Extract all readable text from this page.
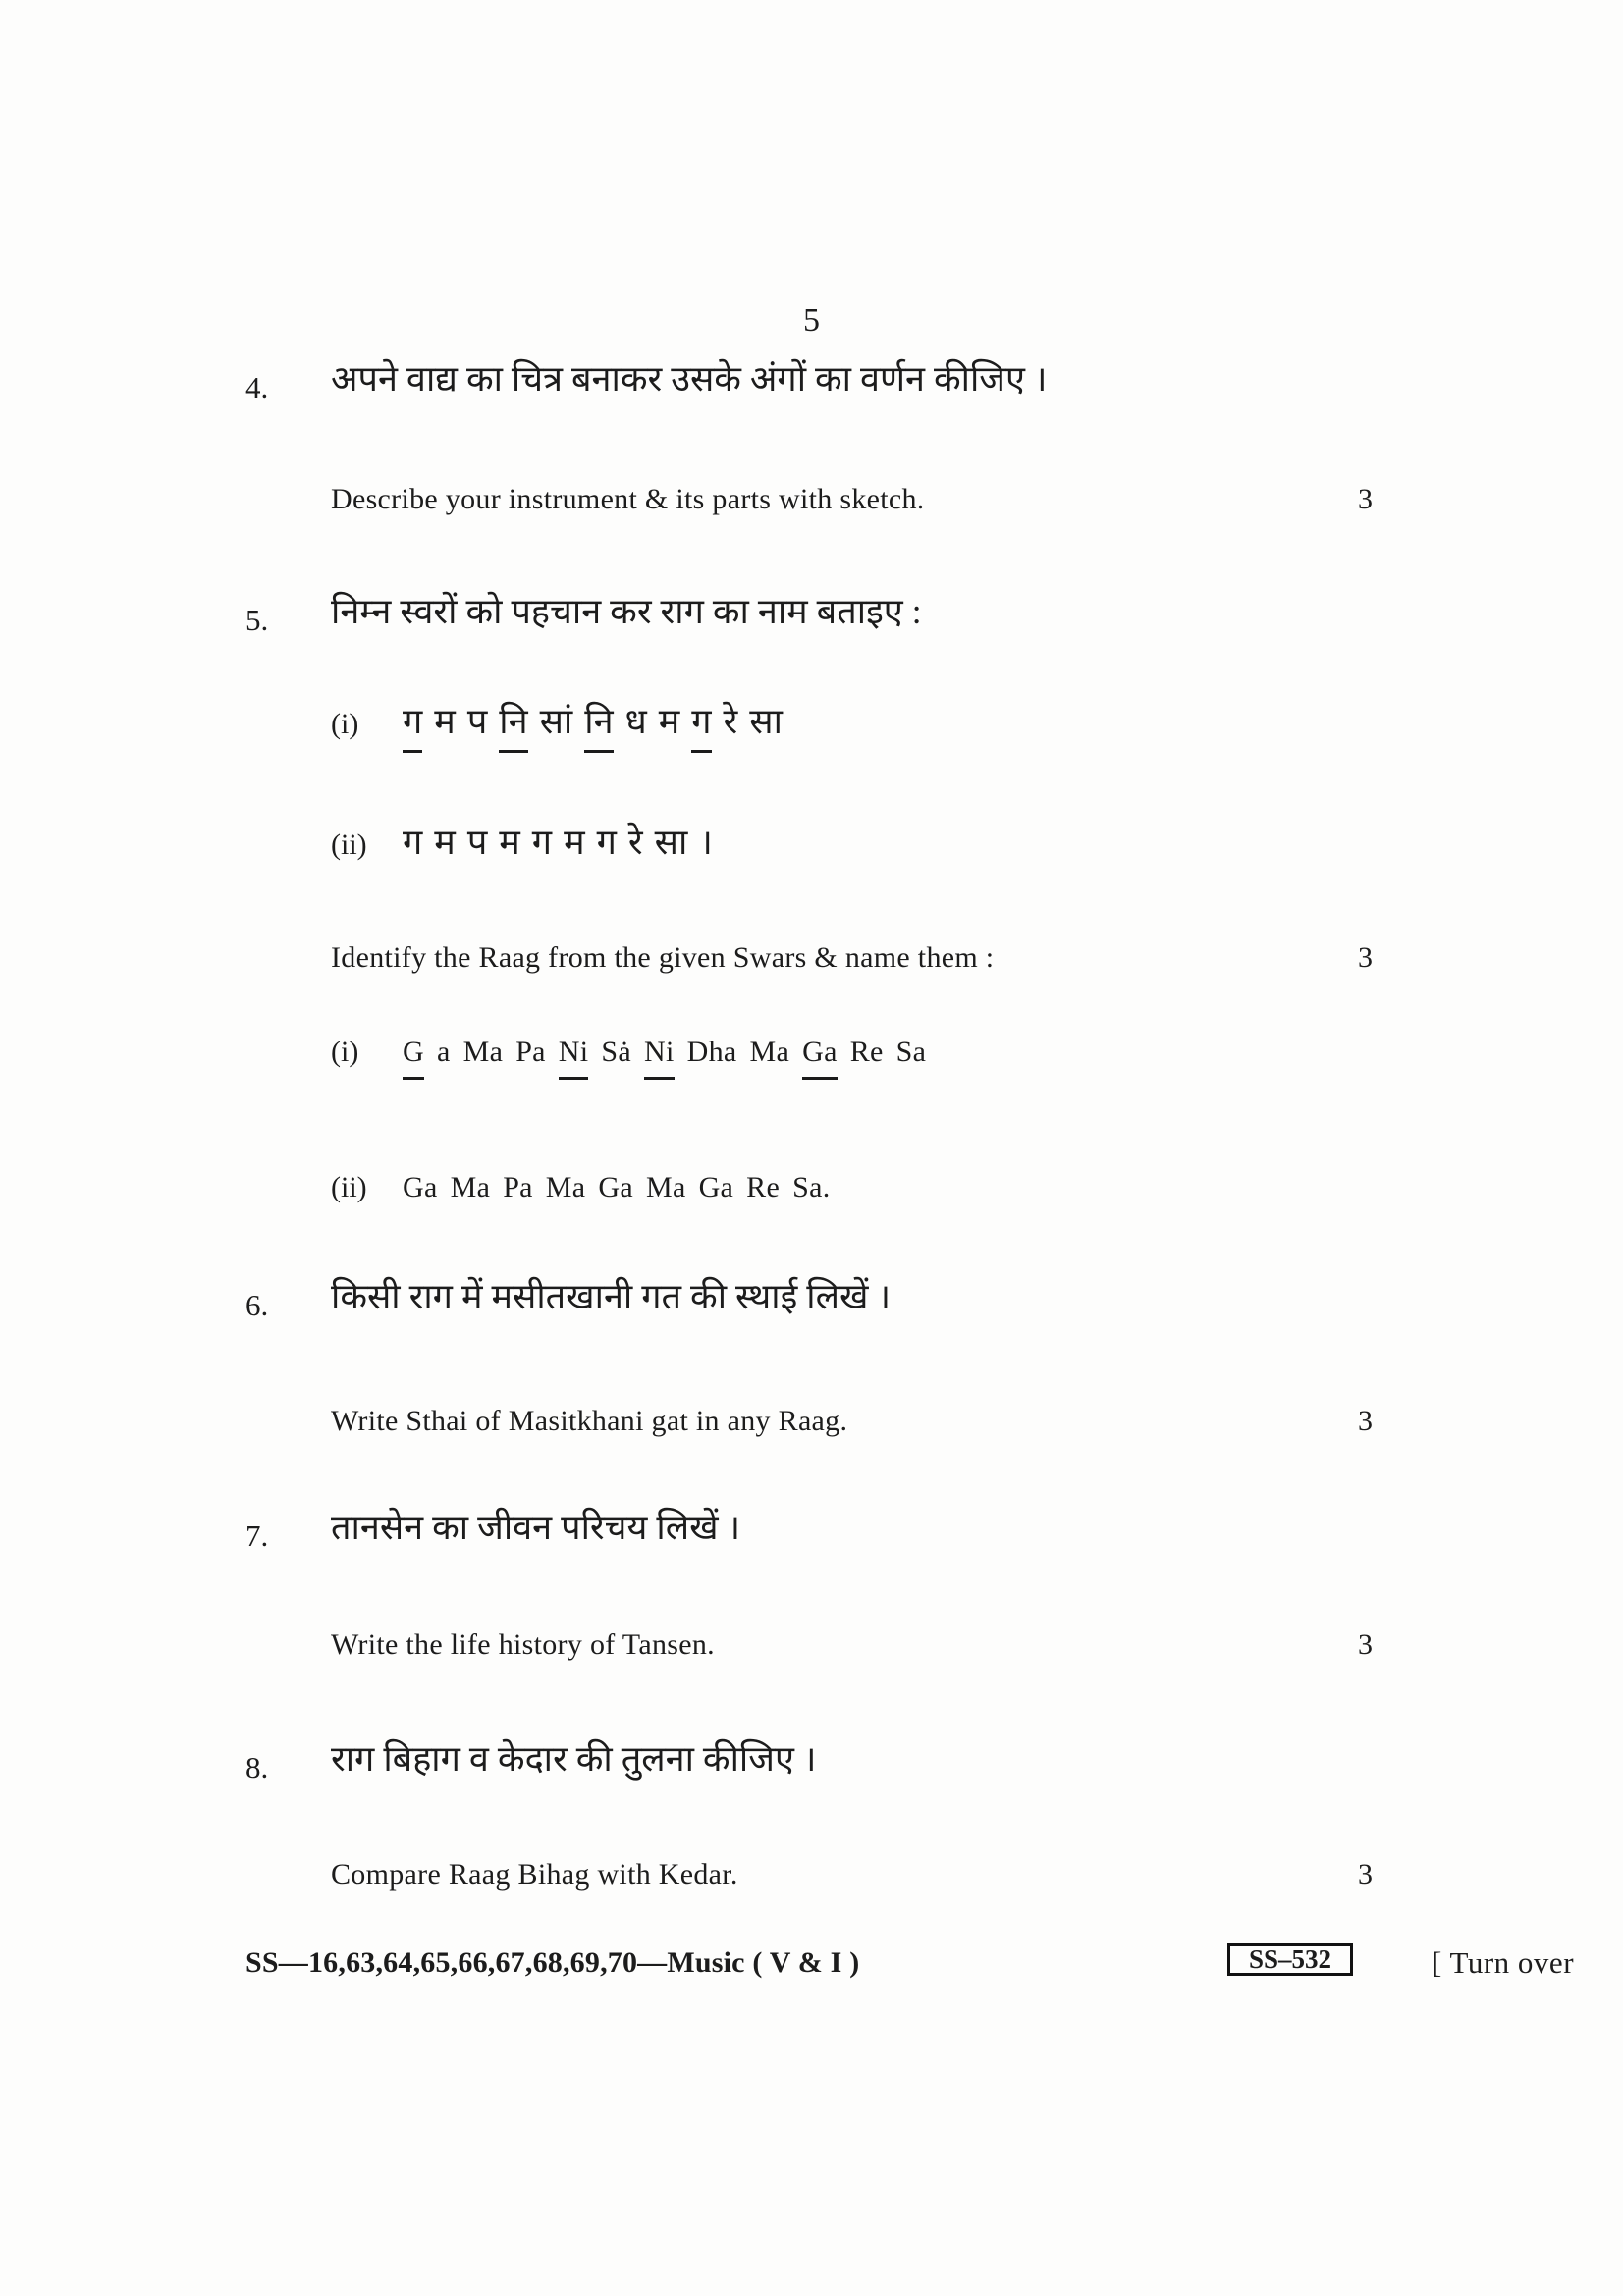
5
4. अपने वाद्य का चित्र बनाकर उसके अंगों का वर्णन कीजिए ।
Describe your instrument & its parts with sketch.	3
5. निम्न स्वरों को पहचान कर राग का नाम बताइए :
(i) ग म प नि सां नि ध म ग रे सा
(ii) ग म प म ग म ग रे सा ।
Identify the Raag from the given Swars & name them :	3
(i) G a Ma Pa Ni Sȧ Ni Dha Ma Ga Re Sa
(ii) Ga Ma Pa Ma Ga Ma Ga Re Sa.
6. किसी राग में मसीतखानी गत की स्थाई लिखें ।
Write Sthai of Masitkhani gat in any Raag.	3
7. तानसेन का जीवन परिचय लिखें ।
Write the life history of Tansen.	3
8. राग बिहाग व केदार की तुलना कीजिए ।
Compare Raag Bihag with Kedar.	3
SS—16,63,64,65,66,67,68,69,70—Music ( V & I )	SS–532	[ Turn over
